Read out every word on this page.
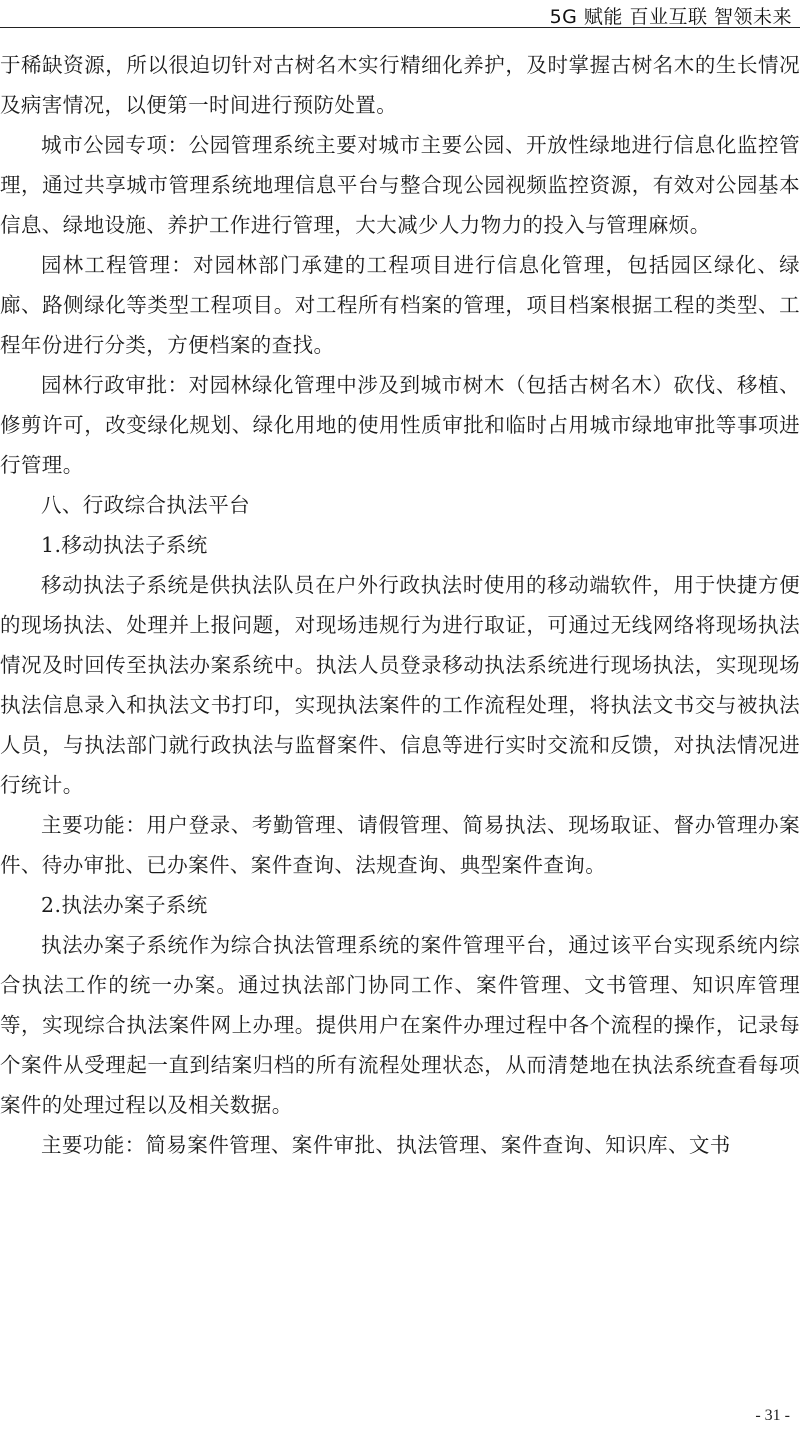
5G 赋能 百业互联 智领未来

于稀缺资源，所以很迫切针对古树名木实行精细化养护，及时掌握古树名木的生长情况及病害情况，以便第一时间进行预防处置。

城市公园专项：公园管理系统主要对城市主要公园、开放性绿地进行信息化监控管理，通过共享城市管理系统地理信息平台与整合现公园视频监控资源，有效对公园基本信息、绿地设施、养护工作进行管理，大大减少人力物力的投入与管理麻烦。

园林工程管理：对园林部门承建的工程项目进行信息化管理，包括园区绿化、绿廊、路侧绿化等类型工程项目。对工程所有档案的管理，项目档案根据工程的类型、工程年份进行分类，方便档案的查找。

园林行政审批：对园林绿化管理中涉及到城市树木（包括古树名木）砍伐、移植、修剪许可，改变绿化规划、绿化用地的使用性质审批和临时占用城市绿地审批等事项进行管理。

八、行政综合执法平台

1.移动执法子系统

移动执法子系统是供执法队员在户外行政执法时使用的移动端软件，用于快捷方便的现场执法、处理并上报问题，对现场违规行为进行取证，可通过无线网络将现场执法情况及时回传至执法办案系统中。执法人员登录移动执法系统进行现场执法，实现现场执法信息录入和执法文书打印，实现执法案件的工作流程处理，将执法文书交与被执法人员，与执法部门就行政执法与监督案件、信息等进行实时交流和反馈，对执法情况进行统计。

主要功能：用户登录、考勤管理、请假管理、简易执法、现场取证、督办管理办案件、待办审批、已办案件、案件查询、法规查询、典型案件查询。

2.执法办案子系统

执法办案子系统作为综合执法管理系统的案件管理平台，通过该平台实现系统内综合执法工作的统一办案。通过执法部门协同工作、案件管理、文书管理、知识库管理等，实现综合执法案件网上办理。提供用户在案件办理过程中各个流程的操作，记录每个案件从受理起一直到结案归档的所有流程处理状态，从而清楚地在执法系统查看每项案件的处理过程以及相关数据。

主要功能：简易案件管理、案件审批、执法管理、案件查询、知识库、文书

- 31 -
